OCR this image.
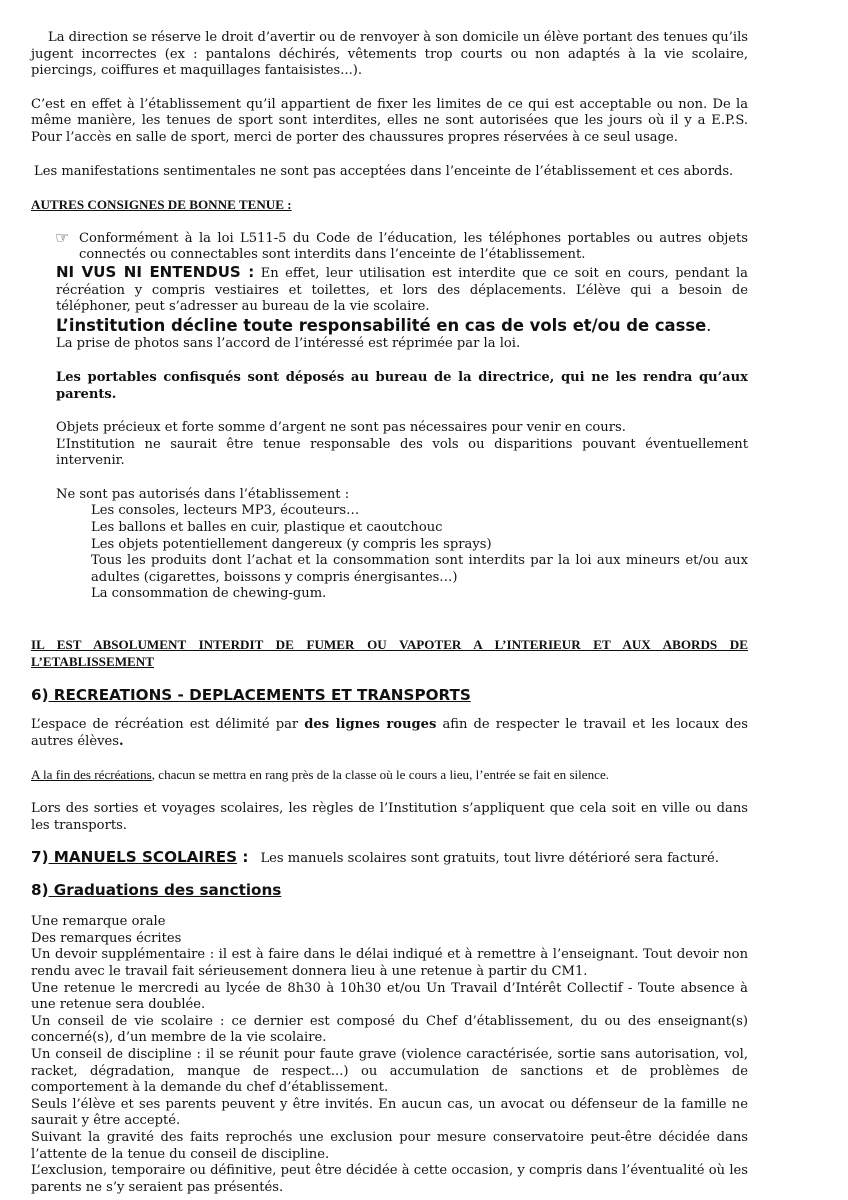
La direction se réserve le droit d’avertir ou de renvoyer à son domicile un élève portant des tenues qu’ils jugent incorrectes (ex : pantalons déchirés, vêtements trop courts ou non adaptés à la vie scolaire, piercings, coiffures et maquillages fantaisistes...).

C’est en effet à l’établissement qu’il appartient de fixer les limites de ce qui est acceptable ou non. De la même manière, les tenues de sport sont interdites, elles ne sont autorisées que les jours où il y a E.P.S. Pour l’accès en salle de sport, merci de porter des chaussures propres réservées à ce seul usage.

Les manifestations sentimentales ne sont pas acceptées dans l’enceinte de l’établissement et ces abords.

AUTRES CONSIGNES DE BONNE TENUE :
☞ Conformément à la loi L511-5 du Code de l’éducation, les téléphones portables ou autres objets connectés ou connectables sont interdits dans l’enceinte de l’établissement.

NI VUS NI ENTENDUS : En effet, leur utilisation est interdite que ce soit en cours, pendant la récréation y compris vestiaires et toilettes, et lors des déplacements. L’élève qui a besoin de téléphoner, peut s’adresser au bureau de la vie scolaire.

L’institution décline toute responsabilité en cas de vols et/ou de casse.

La prise de photos sans l’accord de l’intéressé est réprimée par la loi.

Les portables confisqués sont déposés au bureau de la directrice, qui ne les rendra qu’aux parents.

Objets précieux et forte somme d’argent ne sont pas nécessaires pour venir en cours.

L’Institution ne saurait être tenue responsable des vols ou disparitions pouvant éventuellement intervenir.

Ne sont pas autorisés dans l’établissement :

Les consoles, lecteurs MP3, écouteurs…

Les ballons et balles en cuir, plastique et caoutchouc

Les objets potentiellement dangereux (y compris les sprays)

Tous les produits dont l’achat et la consommation sont interdits par la loi aux mineurs et/ou aux adultes (cigarettes, boissons y compris énergisantes…)

La consommation de chewing-gum.

IL EST ABSOLUMENT INTERDIT DE FUMER OU VAPOTER A L’INTERIEUR ET AUX ABORDS DE L’ETABLISSEMENT

6) RECREATIONS - DEPLACEMENTS ET TRANSPORTS

L’espace de récréation est délimité par des lignes rouges afin de respecter le travail et les locaux des autres élèves.

A la fin des récréations, chacun se mettra en rang près de la classe où le cours a lieu, l’entrée se fait en silence.

Lors des sorties et voyages scolaires, les règles de l’Institution s’appliquent que cela soit en ville ou dans les transports.

7) MANUELS SCOLAIRES : Les manuels scolaires sont gratuits, tout livre détérioré sera facturé.
8) Graduations des sanctions

Une remarque orale

Des remarques écrites

Un devoir supplémentaire : il est à faire dans le délai indiqué et à remettre à l’enseignant. Tout devoir non rendu avec le travail fait sérieusement donnera lieu à une retenue à partir du CM1.

Une retenue le mercredi au lycée de 8h30 à 10h30 et/ou Un Travail d’Intérêt Collectif - Toute absence à une retenue sera doublée.

Un conseil de vie scolaire : ce dernier est composé du Chef d’établissement, du ou des enseignant(s) concerné(s), d’un membre de la vie scolaire.

Un conseil de discipline : il se réunit pour faute grave (violence caractérisée, sortie sans autorisation, vol, racket, dégradation, manque de respect...) ou accumulation de sanctions et de problèmes de comportement à la demande du chef d’établissement.

Seuls l’élève et ses parents peuvent y être invités. En aucun cas, un avocat ou défenseur de la famille ne saurait y être accepté.

Suivant la gravité des faits reprochés une exclusion pour mesure conservatoire peut-être décidée dans l’attente de la tenue du conseil de discipline.

L’exclusion, temporaire ou définitive, peut être décidée à cette occasion, y compris dans l’éventualité où les parents ne s’y seraient pas présentés.
